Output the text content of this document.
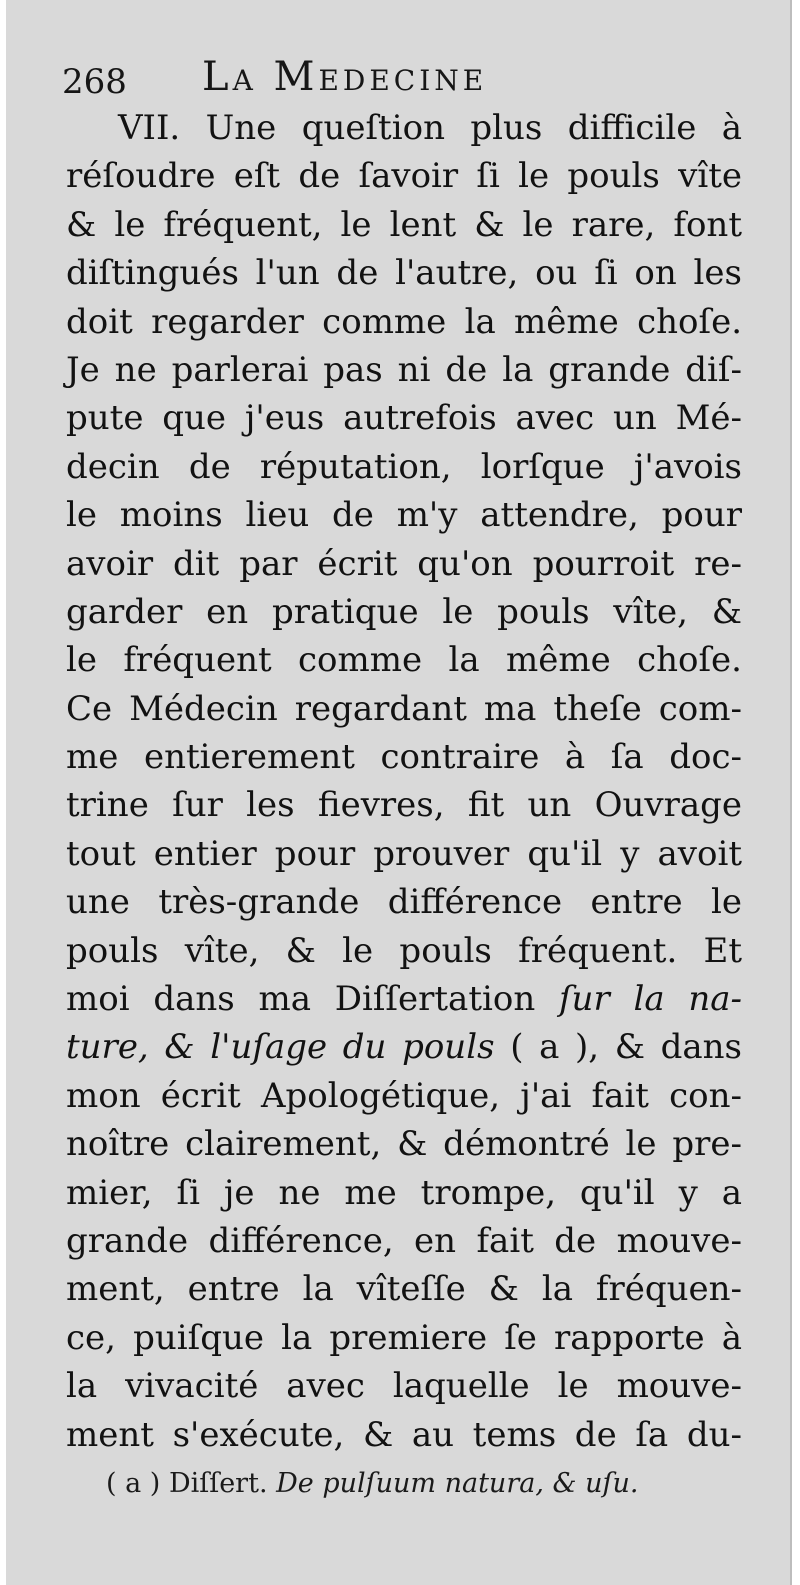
268 La Medecine
VII. Une queſtion plus difficile à
réſoudre eſt de ſavoir ſi le pouls vîte
& le fréquent, le lent & le rare, font
diſtingués l'un de l'autre, ou ſi on les
doit regarder comme la même choſe.
Je ne parlerai pas ni de la grande diſ-
pute que j'eus autrefois avec un Mé-
decin de réputation, lorſque j'avois
le moins lieu de m'y attendre, pour
avoir dit par écrit qu'on pourroit re-
garder en pratique le pouls vîte, &
le fréquent comme la même choſe.
Ce Médecin regardant ma theſe com-
me entierement contraire à ſa doc-
trine ſur les fievres, fit un Ouvrage
tout entier pour prouver qu'il y avoit
une très-grande différence entre le
pouls vîte, & le pouls fréquent. Et
moi dans ma Diſſertation ſur la na-
ture, & l'uſage du pouls ( a ), & dans
mon écrit Apologétique, j'ai fait con-
noître clairement, & démontré le pre-
mier, ſi je ne me trompe, qu'il y a
grande différence, en fait de mouve-
ment, entre la vîteſſe & la fréquen-
ce, puiſque la premiere ſe rapporte à
la vivacité avec laquelle le mouve-
ment s'exécute, & au tems de ſa du-
( a ) Diſſert. De pulſuum natura, & uſu.
